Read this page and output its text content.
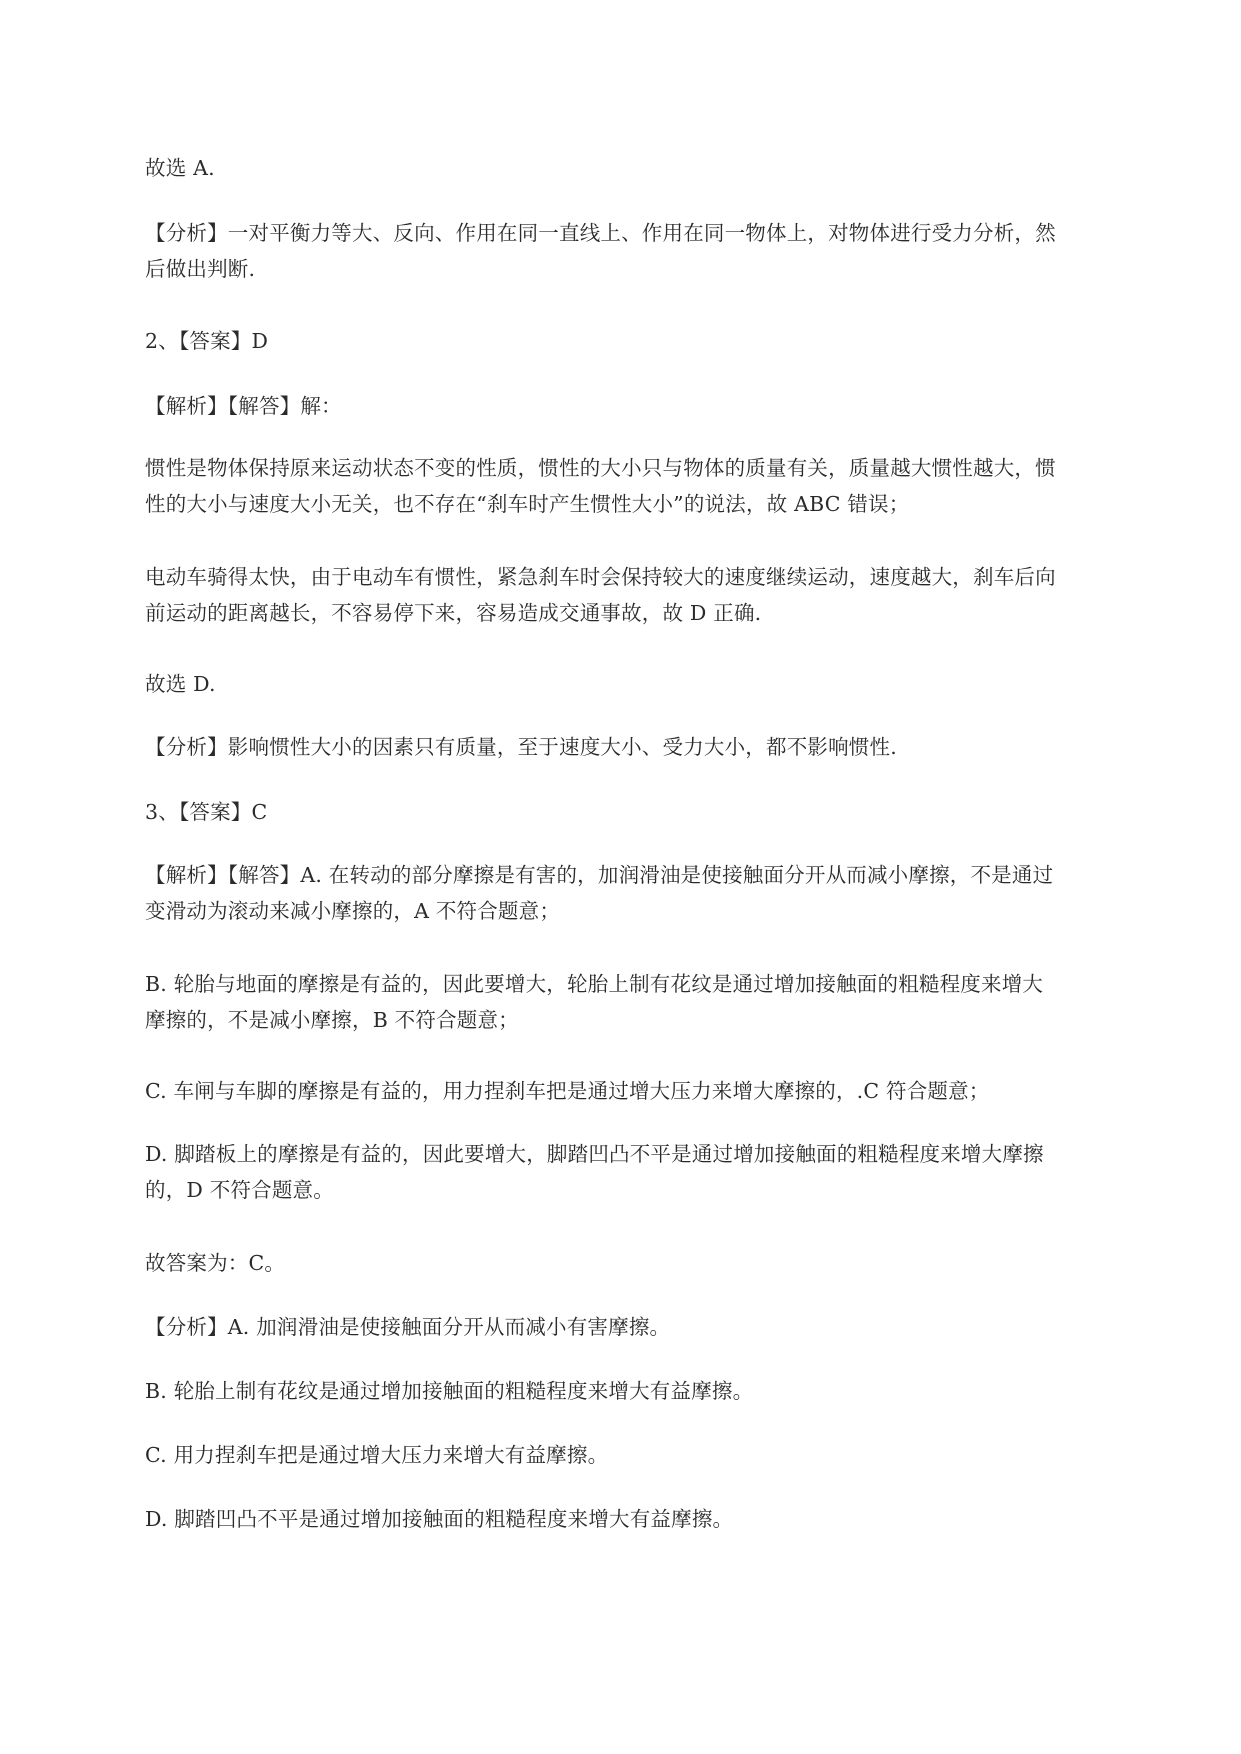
故选 A.
【分析】一对平衡力等大、反向、作用在同一直线上、作用在同一物体上，对物体进行受力分析，然
后做出判断.
2、【答案】D
【解析】【解答】解：
惯性是物体保持原来运动状态不变的性质，惯性的大小只与物体的质量有关，质量越大惯性越大，惯
性的大小与速度大小无关，也不存在“刹车时产生惯性大小”的说法，故 ABC 错误；
电动车骑得太快，由于电动车有惯性，紧急刹车时会保持较大的速度继续运动，速度越大，刹车后向
前运动的距离越长，不容易停下来，容易造成交通事故，故 D 正确.
故选 D.
【分析】影响惯性大小的因素只有质量，至于速度大小、受力大小，都不影响惯性.
3、【答案】C
【解析】【解答】A. 在转动的部分摩擦是有害的，加润滑油是使接触面分开从而减小摩擦，不是通过
变滑动为滚动来减小摩擦的，A 不符合题意；
B. 轮胎与地面的摩擦是有益的，因此要增大，轮胎上制有花纹是通过增加接触面的粗糙程度来增大
摩擦的，不是减小摩擦，B 不符合题意；
C. 车闸与车脚的摩擦是有益的，用力捏刹车把是通过增大压力来增大摩擦的，.C 符合题意；
D. 脚踏板上的摩擦是有益的，因此要增大，脚踏凹凸不平是通过增加接触面的粗糙程度来增大摩擦
的，D 不符合题意。
故答案为：C。
【分析】A. 加润滑油是使接触面分开从而减小有害摩擦。
B. 轮胎上制有花纹是通过增加接触面的粗糙程度来增大有益摩擦。
C. 用力捏刹车把是通过增大压力来增大有益摩擦。
D. 脚踏凹凸不平是通过增加接触面的粗糙程度来增大有益摩擦。
